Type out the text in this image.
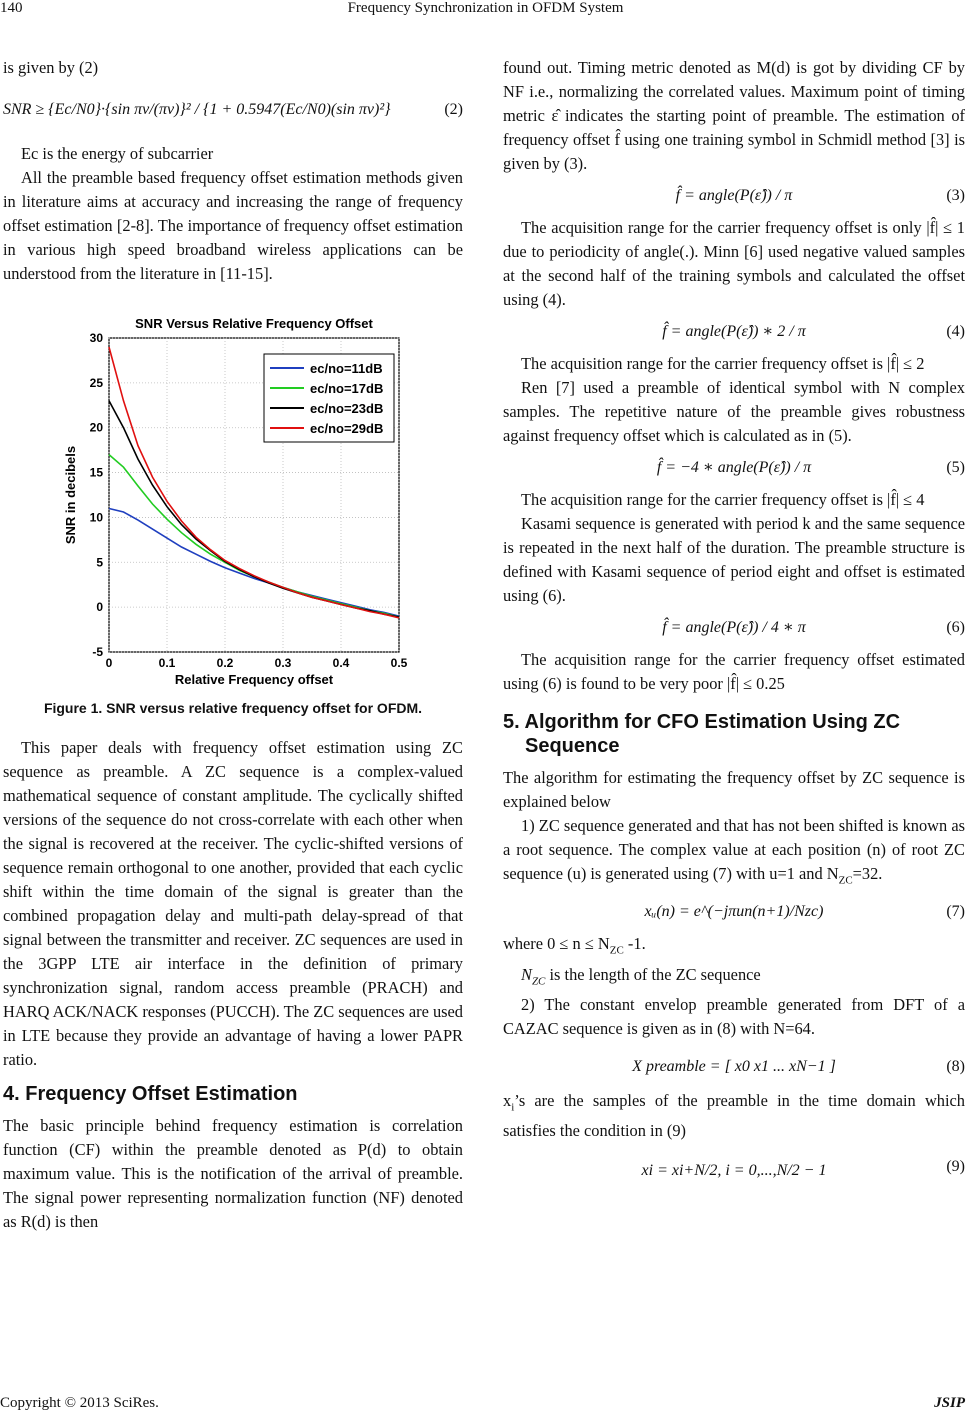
140	Frequency Synchronization in OFDM System

is given by (2)

SNR ≥ {Ec/N0}·{sin πv/(πv)}² / {1 + 0.5947(Ec/N0)(sin πv)²}	(2)

Ec is the energy of subcarrier

All the preamble based frequency offset estimation methods given in literature aims at accuracy and increasing the range of frequency offset estimation [2-8]. The importance of frequency offset estimation in various high speed broadband wireless applications can be understood from the literature in [11-15].

0	0.1	0.2	0.3	0.4	0.5
-5
0
5
10
15
20
25
30
SNR Versus Relative Frequency Offset
Relative Frequency offset
SNR in decibels
ec/no=11dB
ec/no=17dB
ec/no=23dB
ec/no=29dB
Figure 1. SNR versus relative frequency offset for OFDM.

This paper deals with frequency offset estimation using ZC sequence as preamble. A ZC sequence is a complex-valued mathematical sequence of constant amplitude. The cyclically shifted versions of the sequence do not cross-correlate with each other when the signal is recovered at the receiver. The cyclic-shifted versions of sequence remain orthogonal to one another, provided that each cyclic shift within the time domain of the signal is greater than the combined propagation delay and multi-path delay-spread of that signal between the transmitter and receiver. ZC sequences are used in the 3GPP LTE air interface in the definition of primary synchronization signal, random access preamble (PRACH) and HARQ ACK/NACK responses (PUCCH). The ZC sequences are used in LTE because they provide an advantage of having a lower PAPR ratio.

4. Frequency Offset Estimation

The basic principle behind frequency estimation is correlation function (CF) within the preamble denoted as P(d) to obtain maximum value. This is the notification of the arrival of preamble. The signal power representing normalization function (NF) denoted as R(d) is then

found out. Timing metric denoted as M(d) is got by dividing CF by NF i.e., normalizing the correlated values. Maximum point of timing metric ε̂ indicates the starting point of preamble. The estimation of frequency offset f̂ using one training symbol in Schmidl method [3] is given by (3).

f̂ = angle(P(ε̂)) / π	(3)

The acquisition range for the carrier frequency offset is only |f̂| ≤ 1 due to periodicity of angle(.). Minn [6] used negative valued samples at the second half of the training symbols and calculated the offset using (4).

f̂ = angle(P(ε̂)) ∗ 2 / π	(4)

The acquisition range for the carrier frequency offset is |f̂| ≤ 2

Ren [7] used a preamble of identical symbol with N complex samples. The repetitive nature of the preamble gives robustness against frequency offset which is calculated as in (5).

f̂ = −4 ∗ angle(P(ε̂)) / π	(5)

The acquisition range for the carrier frequency offset is |f̂| ≤ 4

Kasami sequence is generated with period k and the same sequence is repeated in the next half of the duration. The preamble structure is defined with Kasami sequence of period eight and offset is estimated using (6).

f̂ = angle(P(ε̂)) / 4 ∗ π	(6)

The acquisition range for the carrier frequency offset estimated using (6) is found to be very poor |f̂| ≤ 0.25

5. Algorithm for CFO Estimation Using ZC
Sequence

The algorithm for estimating the frequency offset by ZC sequence is explained below

1) ZC sequence generated and that has not been shifted is known as a root sequence. The complex value at each position (n) of root ZC sequence (u) is generated using (7) with u=1 and $N_{ZC}=32$.

xᵤ(n) = e^(−jπun(n+1)/Nzc)	(7)

where $0 \le n \le N_{ZC}$ -1.

$N_{ZC}$ is the length of the ZC sequence

2) The constant envelop preamble generated from DFT of a CAZAC sequence is given as in (8) with N=64.

X preamble = [ x0 x1 ... xN−1 ]	(8)

$x_i’s$ are the samples of the preamble in the time domain which satisfies the condition in (9)

xi = xi+N/2, i = 0,...,N/2 − 1	(9)
Copyright © 2013 SciRes.	JSIP
